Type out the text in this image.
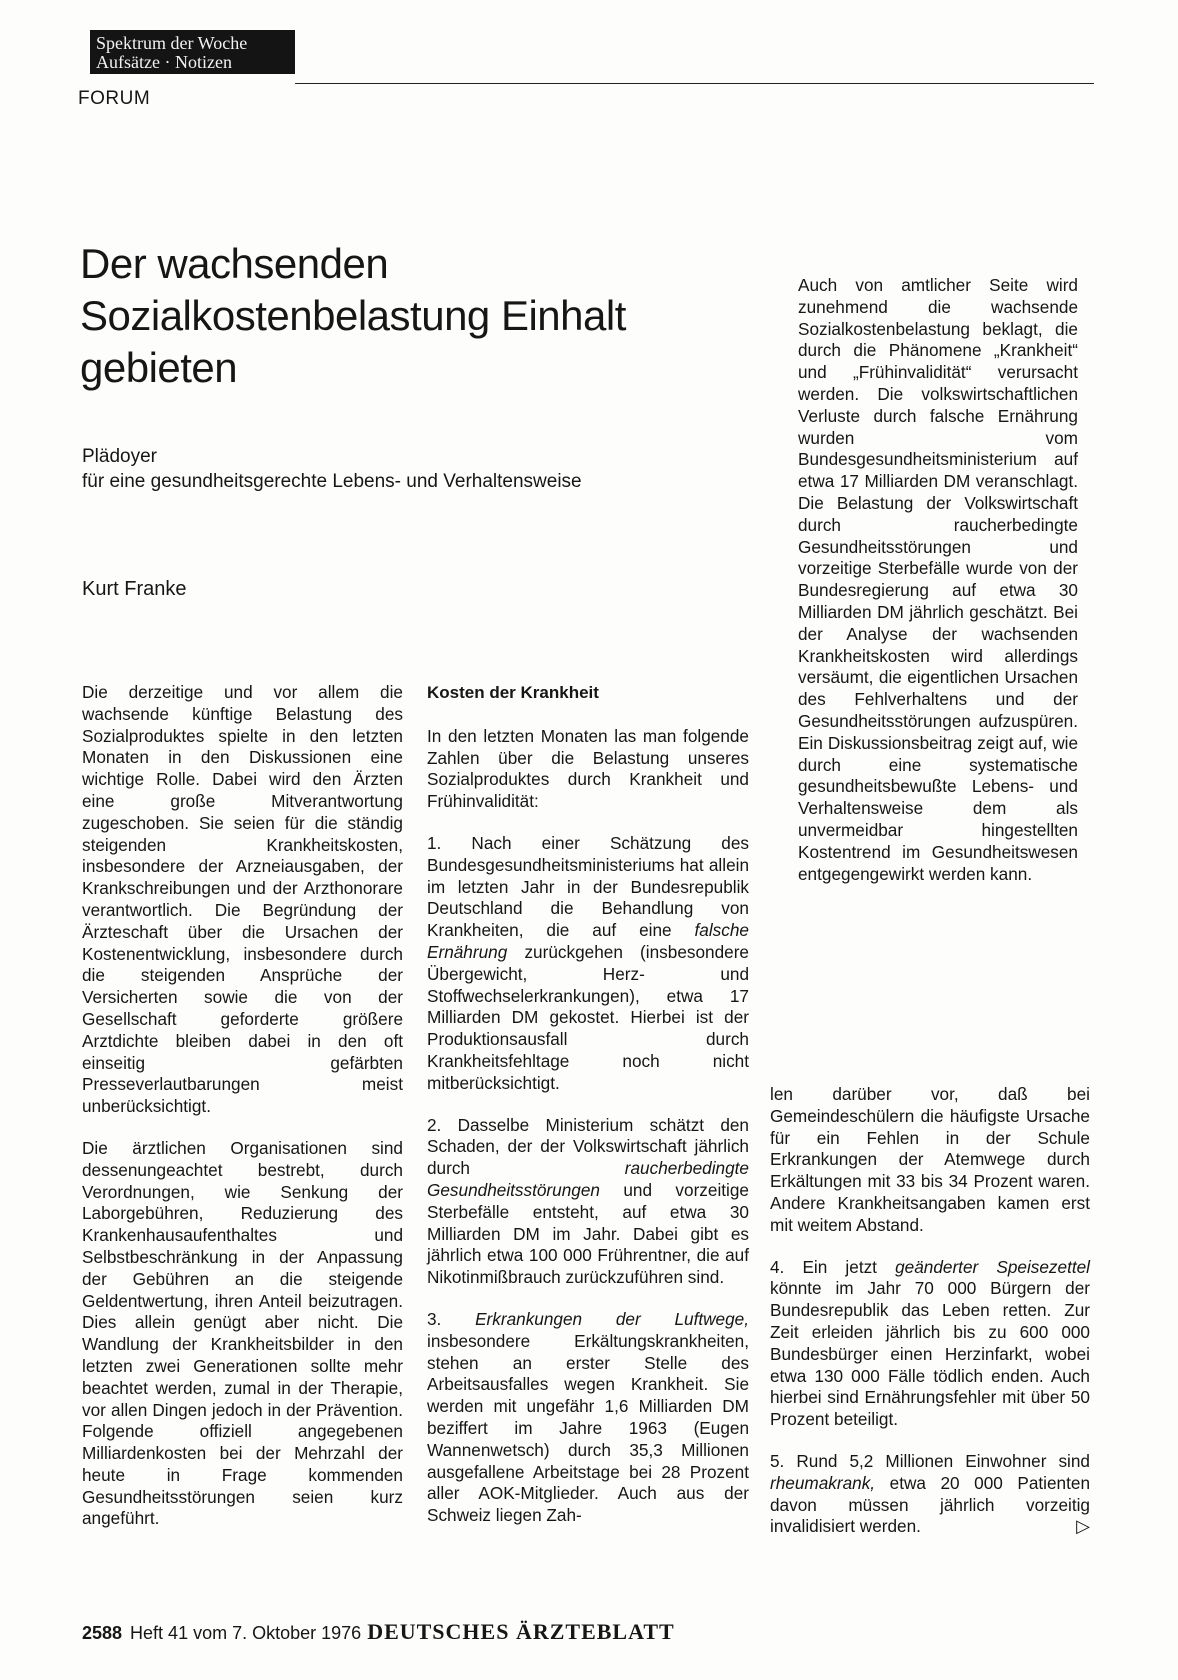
Spektrum der Woche
Aufsätze · Notizen
FORUM
Der wachsenden Sozialkostenbelastung Einhalt gebieten
Plädoyer
für eine gesundheitsgerechte Lebens- und Verhaltensweise
Kurt Franke

Die derzeitige und vor allem die wachsende künftige Belastung des Sozialproduktes spielte in den letzten Monaten in den Diskussionen eine wichtige Rolle. Dabei wird den Ärzten eine große Mitverantwortung zugeschoben. Sie seien für die ständig steigenden Krankheitskosten, insbesondere der Arzneiausgaben, der Krankschreibungen und der Arzthonorare verantwortlich. Die Begründung der Ärzteschaft über die Ursachen der Kostenentwicklung, insbesondere durch die steigenden Ansprüche der Versicherten sowie die von der Gesellschaft geforderte größere Arztdichte bleiben dabei in den oft einseitig gefärbten Presseverlautbarungen meist unberücksichtigt.

Die ärztlichen Organisationen sind dessenungeachtet bestrebt, durch Verordnungen, wie Senkung der Laborgebühren, Reduzierung des Krankenhausaufenthaltes und Selbstbeschränkung in der Anpassung der Gebühren an die steigende Geldentwertung, ihren Anteil beizutragen. Dies allein genügt aber nicht. Die Wandlung der Krankheitsbilder in den letzten zwei Generationen sollte mehr beachtet werden, zumal in der Therapie, vor allen Dingen jedoch in der Prävention. Folgende offiziell angegebenen Milliardenkosten bei der Mehrzahl der heute in Frage kommenden Gesundheitsstörungen seien kurz angeführt.

Kosten der Krankheit

In den letzten Monaten las man folgende Zahlen über die Belastung unseres Sozialproduktes durch Krankheit und Frühinvalidität:

1. Nach einer Schätzung des Bundesgesundheitsministeriums hat allein im letzten Jahr in der Bundesrepublik Deutschland die Behandlung von Krankheiten, die auf eine falsche Ernährung zurückgehen (insbesondere Übergewicht, Herz- und Stoffwechselerkrankungen), etwa 17 Milliarden DM gekostet. Hierbei ist der Produktionsausfall durch Krankheitsfehltage noch nicht mitberücksichtigt.

2. Dasselbe Ministerium schätzt den Schaden, der der Volkswirtschaft jährlich durch raucherbedingte Gesundheitsstörungen und vorzeitige Sterbefälle entsteht, auf etwa 30 Milliarden DM im Jahr. Dabei gibt es jährlich etwa 100 000 Frührentner, die auf Nikotinmißbrauch zurückzuführen sind.

3. Erkrankungen der Luftwege, insbesondere Erkältungskrankheiten, stehen an erster Stelle des Arbeitsausfalles wegen Krankheit. Sie werden mit ungefähr 1,6 Milliarden DM beziffert im Jahre 1963 (Eugen Wannenwetsch) durch 35,3 Millionen ausgefallene Arbeitstage bei 28 Prozent aller AOK-Mitglieder. Auch aus der Schweiz liegen Zah-

Auch von amtlicher Seite wird zunehmend die wachsende Sozialkostenbelastung beklagt, die durch die Phänomene „Krankheit“ und „Frühinvalidität“ verursacht werden. Die volkswirtschaftlichen Verluste durch falsche Ernährung wurden vom Bundesgesundheitsministerium auf etwa 17 Milliarden DM veranschlagt. Die Belastung der Volkswirtschaft durch raucherbedingte Gesundheitsstörungen und vorzeitige Sterbefälle wurde von der Bundesregierung auf etwa 30 Milliarden DM jährlich geschätzt. Bei der Analyse der wachsenden Krankheitskosten wird allerdings versäumt, die eigentlichen Ursachen des Fehlverhaltens und der Gesundheitsstörungen aufzuspüren. Ein Diskussionsbeitrag zeigt auf, wie durch eine systematische gesundheitsbewußte Lebens- und Verhaltensweise dem als unvermeidbar hingestellten Kostentrend im Gesundheitswesen entgegengewirkt werden kann.

len darüber vor, daß bei Gemeindeschülern die häufigste Ursache für ein Fehlen in der Schule Erkrankungen der Atemwege durch Erkältungen mit 33 bis 34 Prozent waren. Andere Krankheitsangaben kamen erst mit weitem Abstand.

4. Ein jetzt geänderter Speisezettel könnte im Jahr 70 000 Bürgern der Bundesrepublik das Leben retten. Zur Zeit erleiden jährlich bis zu 600 000 Bundesbürger einen Herzinfarkt, wobei etwa 130 000 Fälle tödlich enden. Auch hierbei sind Ernährungsfehler mit über 50 Prozent beteiligt.

5. Rund 5,2 Millionen Einwohner sind rheumakrank, etwa 20 000 Patienten davon müssen jährlich vorzeitig invalidisiert werden.	▷

2588 Heft 41 vom 7. Oktober 1976 DEUTSCHES ÄRZTEBLATT
